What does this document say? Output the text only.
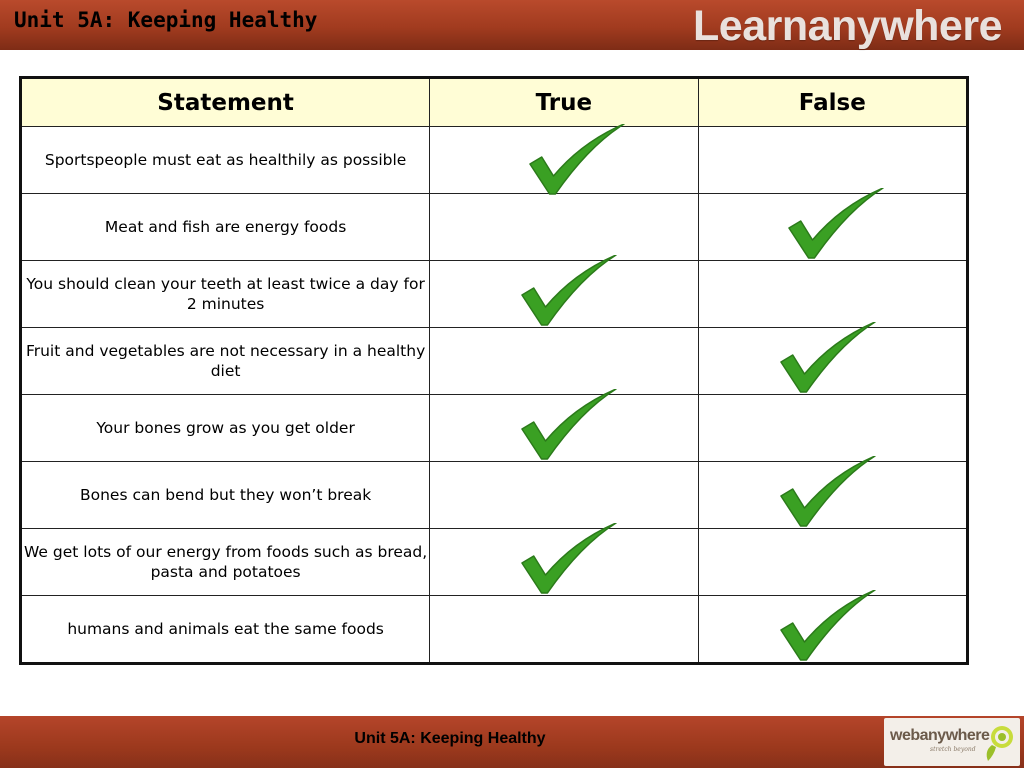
Unit 5A: Keeping Healthy	Learnanywhere
Statement	True	False
Sportspeople must eat as healthily as possible	

Meat and fish are energy foods		

You should clean your teeth at least twice a day for 2 minutes	

Fruit and vegetables are not necessary in a healthy diet		

Your bones grow as you get older	

Bones can bend but they won’t break		

We get lots of our energy from foods such as bread, pasta and potatoes	

humans and animals eat the same foods		
Unit 5A: Keeping Healthy	webanywhere
stretch beyond
